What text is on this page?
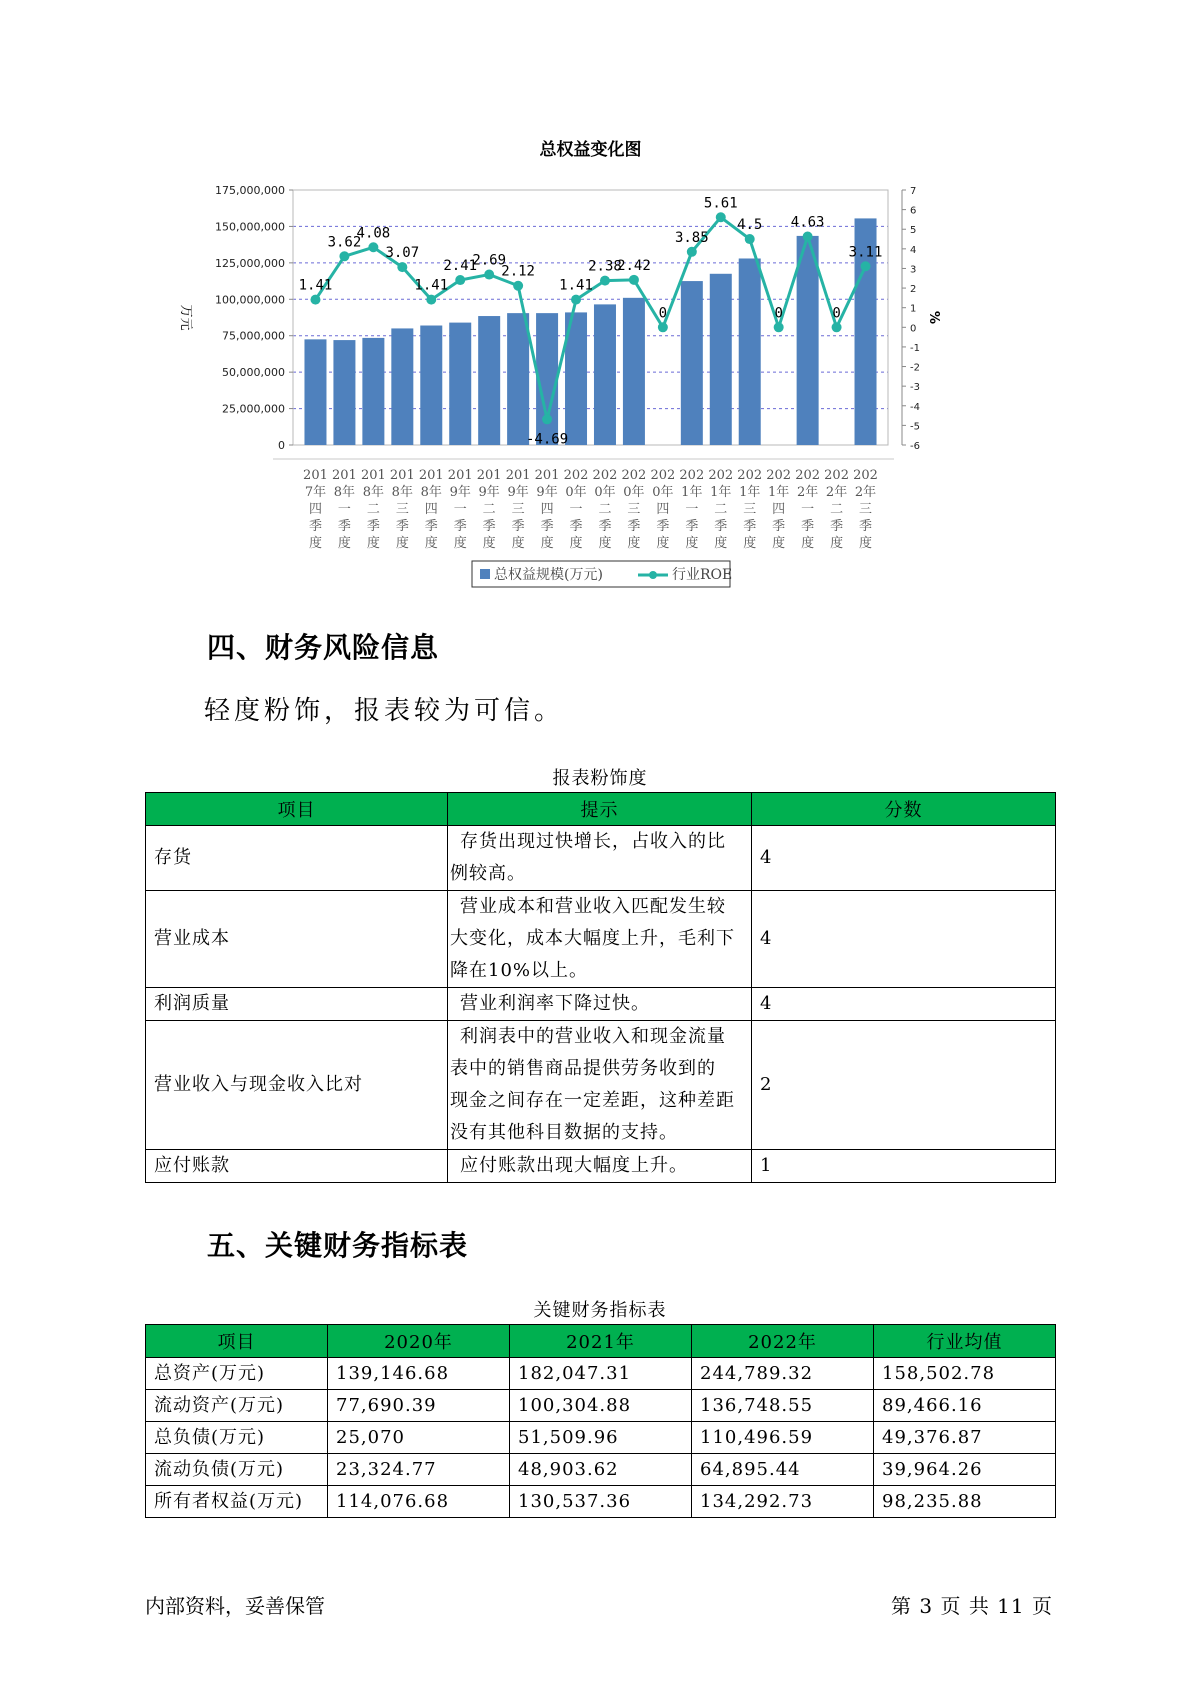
总权益变化图
0
25,000,000
50,000,000
75,000,000
100,000,000
125,000,000
150,000,000
175,000,000
-6
-5
-4
-3
-2
-1
0
1
2
3
4
5
6
7
万元	%
201
7年
四
季
度
201
8年
一
季
度
201
8年
二
季
度
201
8年
三
季
度
201
8年
四
季
度
201
9年
一
季
度
201
9年
二
季
度
201
9年
三
季
度
201
9年
四
季
度
202
0年
一
季
度
202
0年
二
季
度
202
0年
三
季
度
202
0年
四
季
度
202
1年
一
季
度
202
1年
二
季
度
202
1年
三
季
度
202
1年
四
季
度
202
2年
一
季
度
202
2年
二
季
度
202
2年
三
季
度
1.41
3.62
4.08
3.07
1.41
2.41
2.69
2.12
-4.69
1.41
2.38
2.42
0
3.85
5.61
4.5
0
4.63
0
3.11
总权益规模(万元)	行业ROE
四、财务风险信息

轻度粉饰，报表较为可信。

报表粉饰度

项目	提示	分数
存货	存货出现过快增长，占收入的比
例较高。	4
营业成本	营业成本和营业收入匹配发生较
大变化，成本大幅度上升，毛利下
降在10%以上。	4
利润质量	营业利润率下降过快。	4
营业收入与现金收入比对	利润表中的营业收入和现金流量
表中的销售商品提供劳务收到的
现金之间存在一定差距，这种差距
没有其他科目数据的支持。	2
应付账款	应付账款出现大幅度上升。	1
五、关键财务指标表

关键财务指标表

项目	2020年	2021年	2022年	行业均值
总资产(万元)	139,146.68	182,047.31	244,789.32	158,502.78
流动资产(万元)	77,690.39	100,304.88	136,748.55	89,466.16
总负债(万元)	25,070	51,509.96	110,496.59	49,376.87
流动负债(万元)	23,324.77	48,903.62	64,895.44	39,964.26
所有者权益(万元)	114,076.68	130,537.36	134,292.73	98,235.88
内部资料，妥善保管	第 3 页 共 11 页
